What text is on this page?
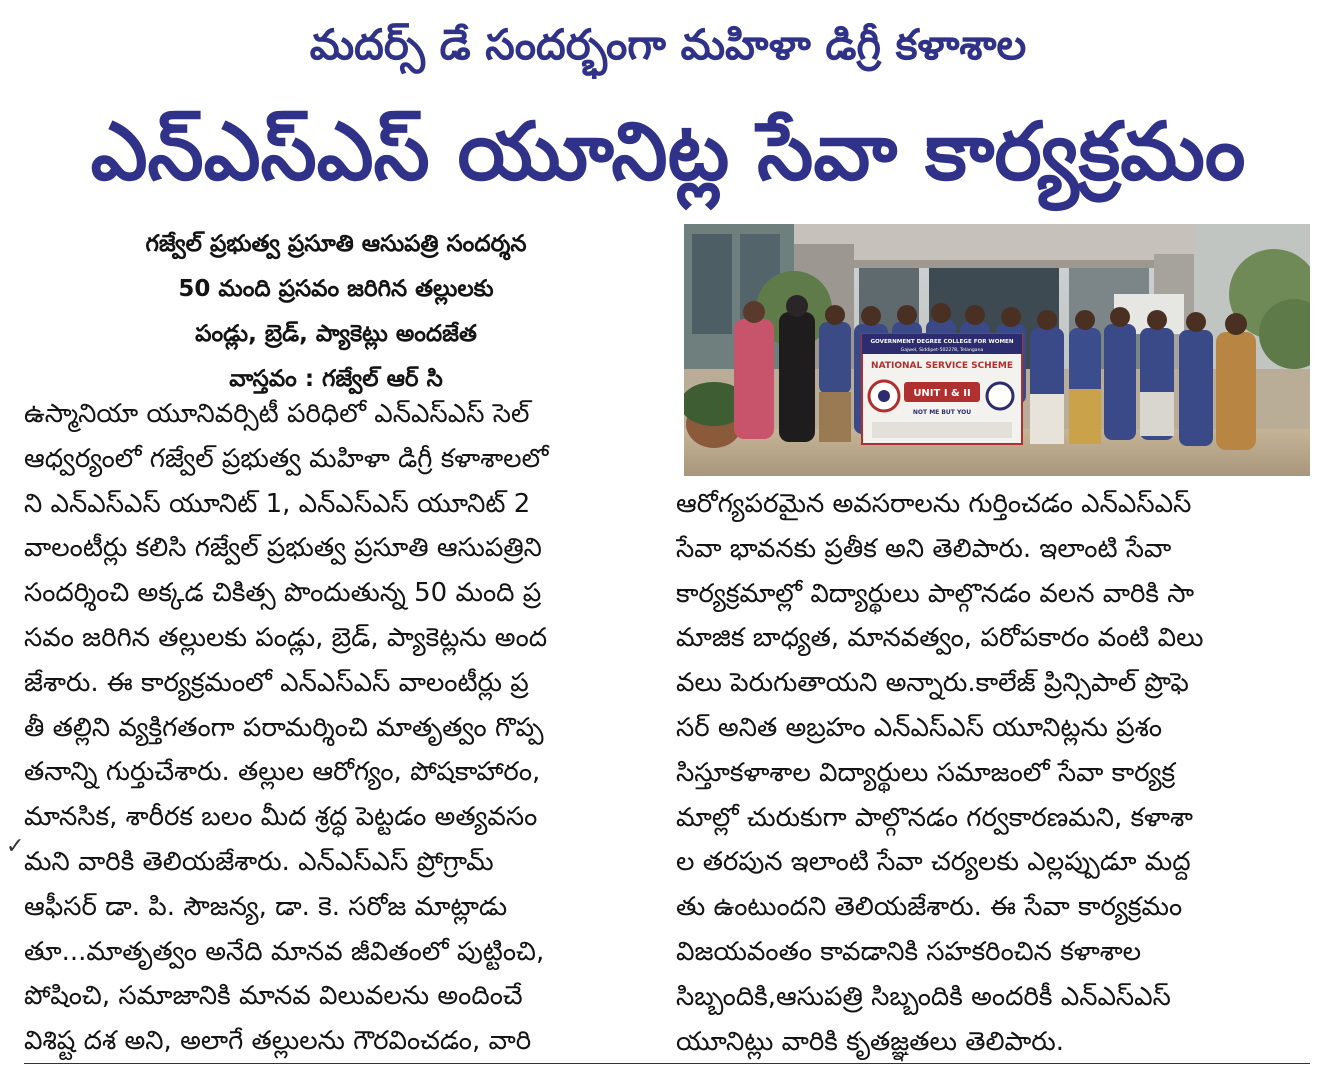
మదర్స్ డే సందర్భంగా మహిళా డిగ్రీ కళాశాల
ఎన్ఎస్ఎస్ యూనిట్ల సేవా కార్యక్రమం
గజ్వేల్ ప్రభుత్వ ప్రసూతి ఆసుపత్రి సందర్శన
50 మంది ప్రసవం జరిగిన తల్లులకు
పండ్లు, బ్రెడ్, ప్యాకెట్లు అందజేత
వాస్తవం : గజ్వేల్ ఆర్ సి
ఉస్మానియా యూనివర్సిటీ పరిధిలో ఎన్ఎస్ఎస్ సెల్
ఆధ్వర్యంలో గజ్వేల్ ప్రభుత్వ మహిళా డిగ్రీ కళాశాలలో
ని ఎన్ఎస్ఎస్ యూనిట్ 1, ఎన్ఎస్ఎస్ యూనిట్ 2
వాలంటీర్లు కలిసి గజ్వేల్ ప్రభుత్వ ప్రసూతి ఆసుపత్రిని
సందర్శించి అక్కడ చికిత్స పొందుతున్న 50 మంది ప్ర
సవం జరిగిన తల్లులకు పండ్లు, బ్రెడ్, ప్యాకెట్లను అంద
జేశారు. ఈ కార్యక్రమంలో ఎన్ఎస్ఎస్ వాలంటీర్లు ప్ర
తీ తల్లిని వ్యక్తిగతంగా పరామర్శించి మాతృత్వం గొప్ప
తనాన్ని గుర్తుచేశారు. తల్లుల ఆరోగ్యం, పోషకాహారం,
మానసిక, శారీరక బలం మీద శ్రద్ధ పెట్టడం అత్యవసం
మని వారికి తెలియజేశారు. ఎన్ఎస్ఎస్ ప్రోగ్రామ్
ఆఫీసర్ డా. పి. సౌజన్య, డా. కె. సరోజ మాట్లాడు
తూ...మాతృత్వం అనేది మానవ జీవితంలో పుట్టించి,
పోషించి, సమాజానికి మానవ విలువలను అందించే
విశిష్ట దశ అని, అలాగే తల్లులను గౌరవించడం, వారి
✓
GOVERNMENT DEGREE COLLEGE FOR WOMEN
Gajwel, Siddipet-502278, Telangana
NATIONAL SERVICE SCHEME
UNIT I & II
NOT ME BUT YOU
ఆరోగ్యపరమైన అవసరాలను గుర్తించడం ఎన్ఎస్ఎస్
సేవా భావనకు ప్రతీక అని తెలిపారు. ఇలాంటి సేవా
కార్యక్రమాల్లో విద్యార్థులు పాల్గొనడం వలన వారికి సా
మాజిక బాధ్యత, మానవత్వం, పరోపకారం వంటి విలు
వలు పెరుగుతాయని అన్నారు.కాలేజ్ ప్రిన్సిపాల్ ప్రొఫె
సర్ అనిత అబ్రహం ఎన్ఎస్ఎస్ యూనిట్లను ప్రశం
సిస్తూకళాశాల విద్యార్థులు సమాజంలో సేవా కార్యక్ర
మాల్లో చురుకుగా పాల్గొనడం గర్వకారణమని, కళాశా
ల తరపున ఇలాంటి సేవా చర్యలకు ఎల్లప్పుడూ మద్ద
తు ఉంటుందని తెలియజేశారు. ఈ సేవా కార్యక్రమం
విజయవంతం కావడానికి సహకరించిన కళాశాల
సిబ్బందికి,ఆసుపత్రి సిబ్బందికి అందరికీ ఎన్ఎస్ఎస్
యూనిట్లు వారికి కృతజ్ఞతలు తెలిపారు.
